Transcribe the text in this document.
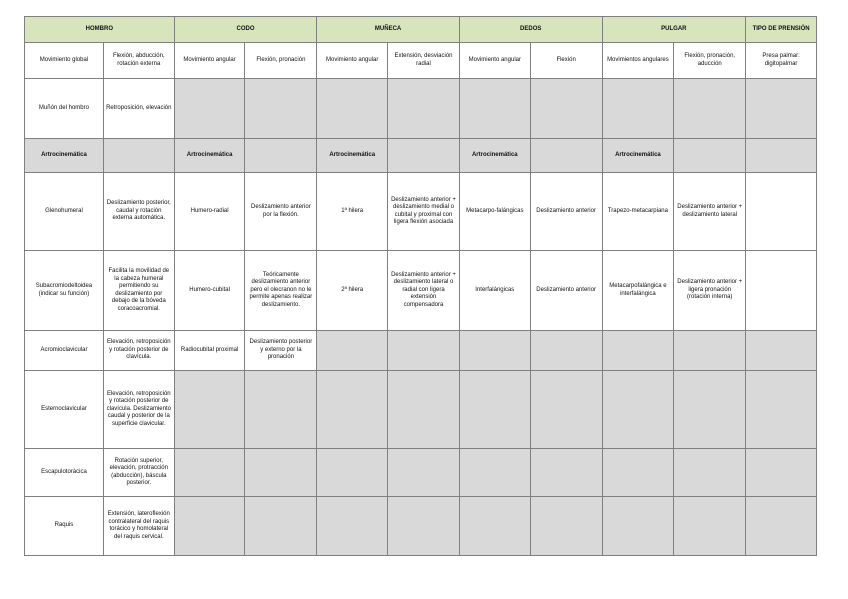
HOMBRO		CODO		MUÑECA		DEDOS		PULGAR		TIPO DE PRENSIÓN
Movimiento global	Flexión, abducción, rotación externa	Movimiento angular	Flexión, pronación	Movimiento angular	Extensión, desviación radial	Movimiento angular	Flexión	Movimientos angulares	Flexión, pronación, aducción	Presa palmar: digitopalmar
Muñón del hombro	Retroposición, elevación									
Artrocinemática		Artrocinemática		Artrocinemática		Artrocinemática		Artrocinemática		
Glenohumeral	Deslizamiento posterior, caudal y rotación externa automática.	Humero-radial	Deslizamiento anterior por la flexión.	1ª hilera	Deslizamiento anterior + deslizamiento medial o cubital y proximal con ligera flexión asociada	Metacarpo-falángicas	Deslizamiento anterior	Trapezo-metacarpiana	Deslizamiento anterior + deslizamiento lateral	
Subacromiodeltoidea (indicar su función)	Facilita la movilidad de la cabeza humeral permitiendo su deslizamiento por debajo de la bóveda coracoacromial.	Humero-cubital	Teóricamente deslizamiento anterior pero el olecranon no le permite apenas realizar deslizamiento.	2ª hilera	Deslizamiento anterior + deslizamiento lateral o radial con ligera extensión compensadora	Interfalángicas	Deslizamiento anterior	Metacarpofalángica e interfalángica	Deslizamiento anterior + ligera pronación (rotación interna)	
Acromioclavicular	Elevación, retroposición y rotación posterior de clavícula.	Radiocubital proximal	Deslizamiento posterior y externo por la pronación							
Esternoclavicular	Elevación, retroposición y rotación posterior de clavícula. Deslizamiento caudal y posterior de la superficie clavicular.									
Escapulotorácica	Rotación superior, elevación, protracción (abducción), báscula posterior.									
Raquis	Extensión, lateroflexión contralateral del raquis torácico y homolateral del raquis cervical.									
